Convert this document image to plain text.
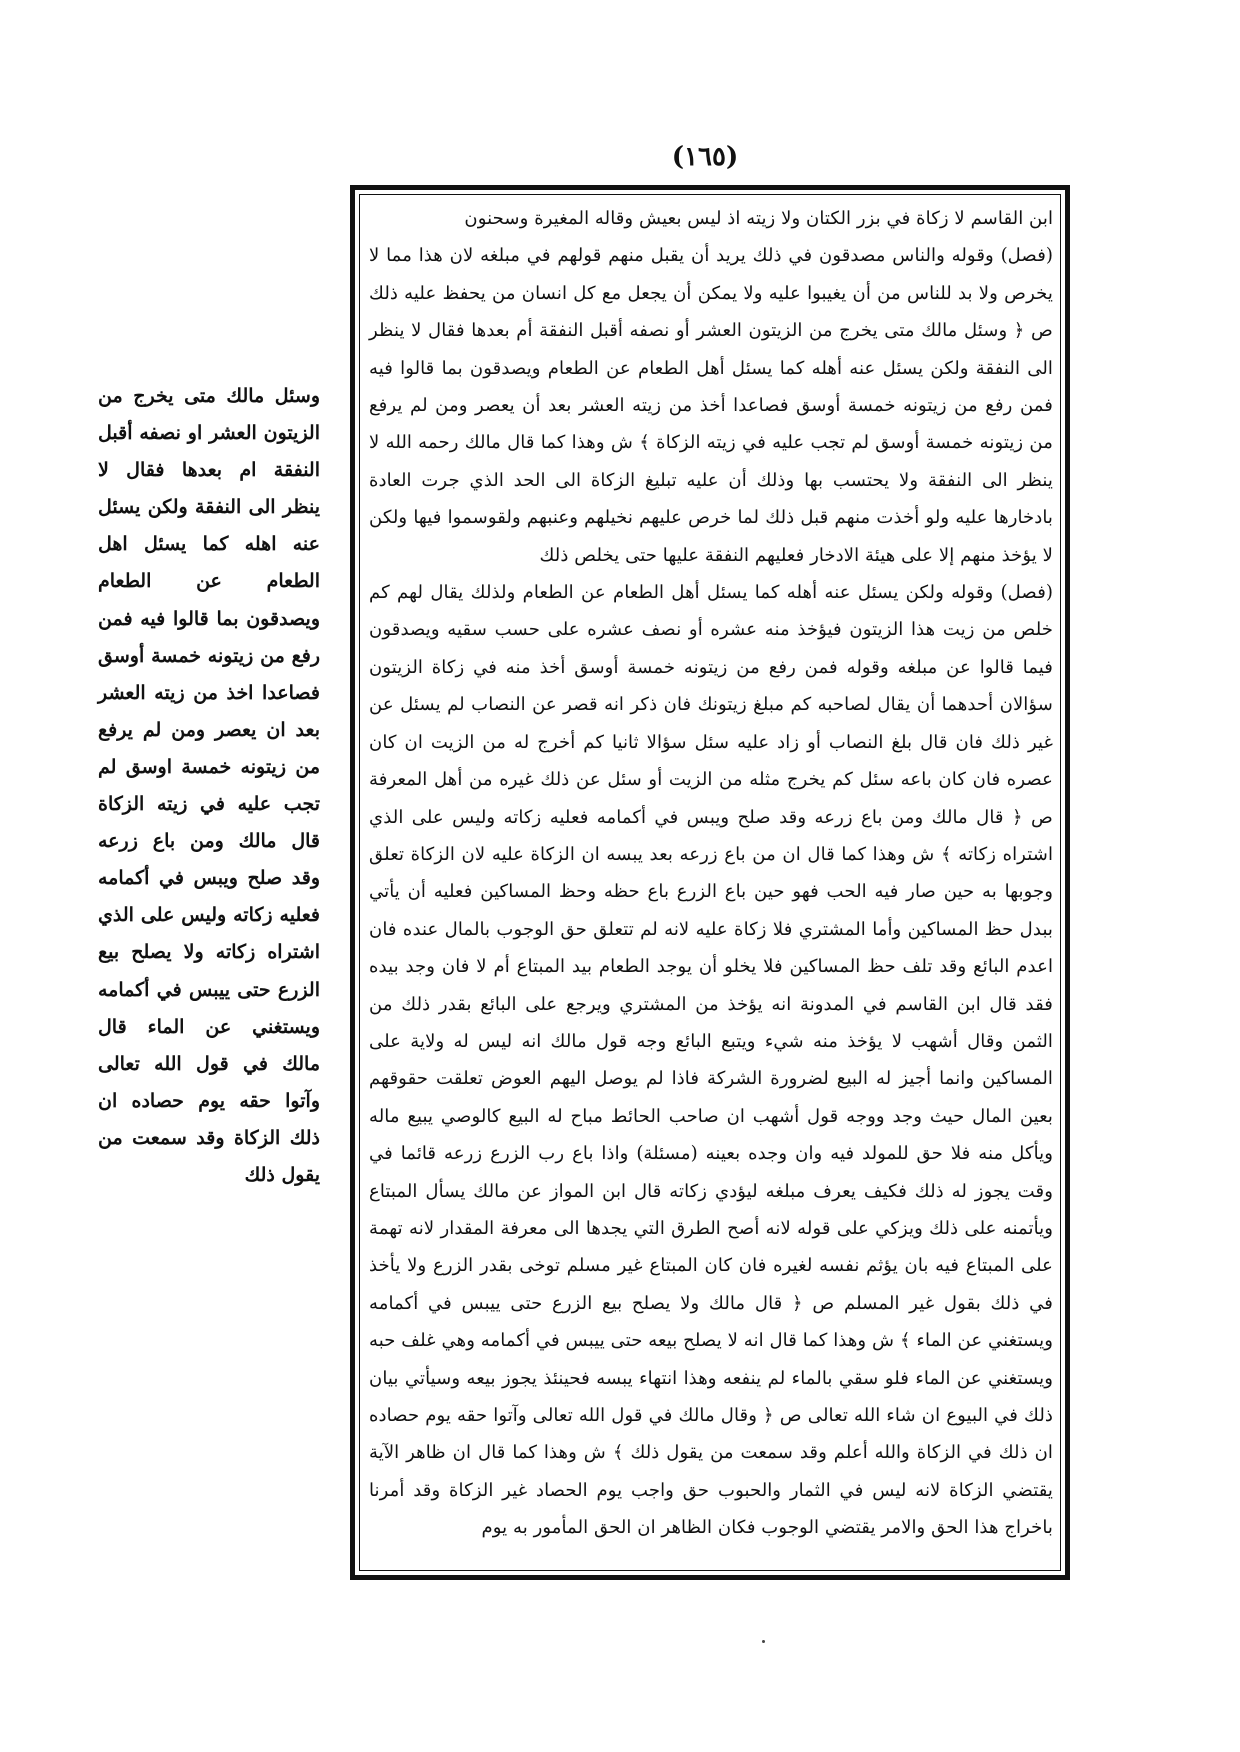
(١٦٥)

ابن القاسم لا زكاة في بزر الكتان ولا زيته اذ ليس بعيش وقاله المغيرة وسحنون

(فصل) وقوله والناس مصدقون في ذلك يريد أن يقبل منهم قولهم في مبلغه لان هذا مما لا يخرص ولا بد للناس من أن يغيبوا عليه ولا يمكن أن يجعل مع كل انسان من يحفظ عليه ذلك ص ﴿ وسئل مالك متى يخرج من الزيتون العشر أو نصفه أقبل النفقة أم بعدها فقال لا ينظر الى النفقة ولكن يسئل عنه أهله كما يسئل أهل الطعام عن الطعام ويصدقون بما قالوا فيه فمن رفع من زيتونه خمسة أوسق فصاعدا أخذ من زيته العشر بعد أن يعصر ومن لم يرفع من زيتونه خمسة أوسق لم تجب عليه في زيته الزكاة ﴾ ش وهذا كما قال مالك رحمه الله لا ينظر الى النفقة ولا يحتسب بها وذلك أن عليه تبليغ الزكاة الى الحد الذي جرت العادة بادخارها عليه ولو أخذت منهم قبل ذلك لما خرص عليهم نخيلهم وعنبهم ولقوسموا فيها ولكن لا يؤخذ منهم إلا على هيئة الادخار فعليهم النفقة عليها حتى يخلص ذلك

(فصل) وقوله ولكن يسئل عنه أهله كما يسئل أهل الطعام عن الطعام ولذلك يقال لهم كم خلص من زيت هذا الزيتون فيؤخذ منه عشره أو نصف عشره على حسب سقيه ويصدقون فيما قالوا عن مبلغه وقوله فمن رفع من زيتونه خمسة أوسق أخذ منه في زكاة الزيتون سؤالان أحدهما أن يقال لصاحبه كم مبلغ زيتونك فان ذكر انه قصر عن النصاب لم يسئل عن غير ذلك فان قال بلغ النصاب أو زاد عليه سئل سؤالا ثانيا كم أخرج له من الزيت ان كان عصره فان كان باعه سئل كم يخرج مثله من الزيت أو سئل عن ذلك غيره من أهل المعرفة ص ﴿ قال مالك ومن باع زرعه وقد صلح ويبس في أكمامه فعليه زكاته وليس على الذي اشتراه زكاته ﴾ ش وهذا كما قال ان من باع زرعه بعد يبسه ان الزكاة عليه لان الزكاة تعلق وجوبها به حين صار فيه الحب فهو حين باع الزرع باع حظه وحظ المساكين فعليه أن يأتي ببدل حظ المساكين وأما المشتري فلا زكاة عليه لانه لم تتعلق حق الوجوب بالمال عنده فان اعدم البائع وقد تلف حظ المساكين فلا يخلو أن يوجد الطعام بيد المبتاع أم لا فان وجد بيده فقد قال ابن القاسم في المدونة انه يؤخذ من المشتري ويرجع على البائع بقدر ذلك من الثمن وقال أشهب لا يؤخذ منه شيء ويتبع البائع وجه قول مالك انه ليس له ولاية على المساكين وانما أجيز له البيع لضرورة الشركة فاذا لم يوصل اليهم العوض تعلقت حقوقهم بعين المال حيث وجد ووجه قول أشهب ان صاحب الحائط مباح له البيع كالوصي يبيع ماله ويأكل منه فلا حق للمولد فيه وان وجده بعينه (مسئلة) واذا باع رب الزرع زرعه قائما في وقت يجوز له ذلك فكيف يعرف مبلغه ليؤدي زكاته قال ابن المواز عن مالك يسأل المبتاع ويأتمنه على ذلك ويزكي على قوله لانه أصح الطرق التي يجدها الى معرفة المقدار لانه تهمة على المبتاع فيه بان يؤثم نفسه لغيره فان كان المبتاع غير مسلم توخى بقدر الزرع ولا يأخذ في ذلك بقول غير المسلم ص ﴿ قال مالك ولا يصلح بيع الزرع حتى ييبس في أكمامه ويستغني عن الماء ﴾ ش وهذا كما قال انه لا يصلح بيعه حتى ييبس في أكمامه وهي غلف حبه ويستغني عن الماء فلو سقي بالماء لم ينفعه وهذا انتهاء يبسه فحينئذ يجوز بيعه وسيأتي بيان ذلك في البيوع ان شاء الله تعالى ص ﴿ وقال مالك في قول الله تعالى وآتوا حقه يوم حصاده ان ذلك في الزكاة والله أعلم وقد سمعت من يقول ذلك ﴾ ش وهذا كما قال ان ظاهر الآية يقتضي الزكاة لانه ليس في الثمار والحبوب حق واجب يوم الحصاد غير الزكاة وقد أمرنا باخراج هذا الحق والامر يقتضي الوجوب فكان الظاهر ان الحق المأمور به يوم

وسئل مالك متى يخرج من الزيتون العشر او نصفه أقبل النفقة ام بعدها فقال لا ينظر الى النفقة ولكن يسئل عنه اهله كما يسئل اهل الطعام عن الطعام ويصدقون بما قالوا فيه فمن رفع من زيتونه خمسة أوسق فصاعدا اخذ من زيته العشر بعد ان يعصر ومن لم يرفع من زيتونه خمسة اوسق لم تجب عليه في زيته الزكاة قال مالك ومن باع زرعه وقد صلح ويبس في أكمامه فعليه زكاته وليس على الذي اشتراه زكاته ولا يصلح بيع الزرع حتى ييبس في أكمامه ويستغني عن الماء قال مالك في قول الله تعالى وآتوا حقه يوم حصاده ان ذلك الزكاة وقد سمعت من يقول ذلك
